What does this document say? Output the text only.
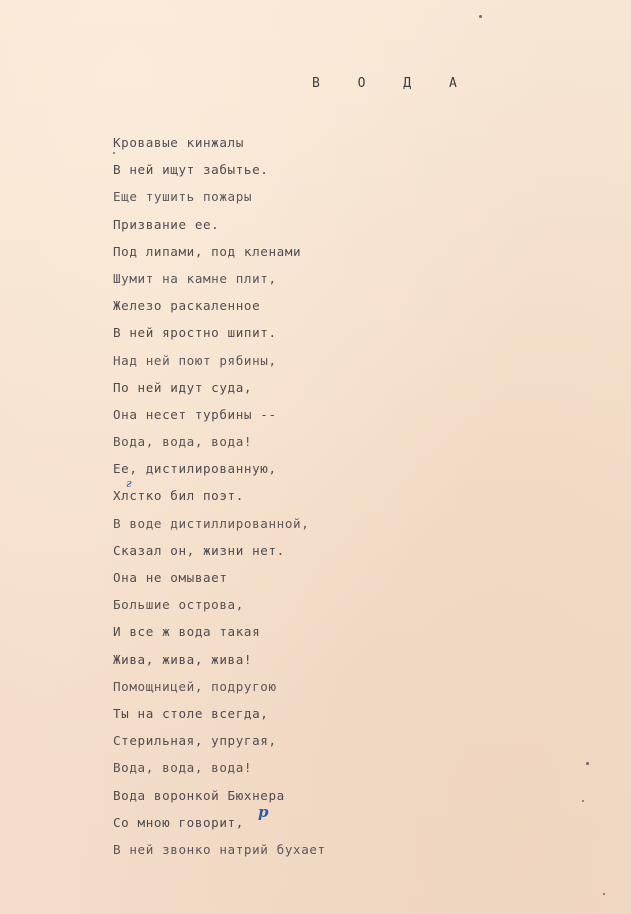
В О Д А
Кровавые кинжалы
В ней ищут забытье.
Еще тушить пожары
Призвание ее.
Под липами, под кленами
Шумит на камне плит,
Железо раскаленное
В ней яростно шипит.
Над ней поют рябины,
По ней идут суда,
Она несет турбины --
Вода, вода, вода!
Ее, дистилированную,
Хлстко бил поэт.
В воде дистиллированной,
Сказал он, жизни нет.
Она не омывает
Большие острова,
И все ж вода такая
Жива, жива, жива!
Помощницей, подругою
Ты на столе всегда,
Стерильная, упругая,
Вода, вода, вода!
Вода воронкой Бюхнера
Со мною говорит,
В ней звонко натрий бухает
г
р
